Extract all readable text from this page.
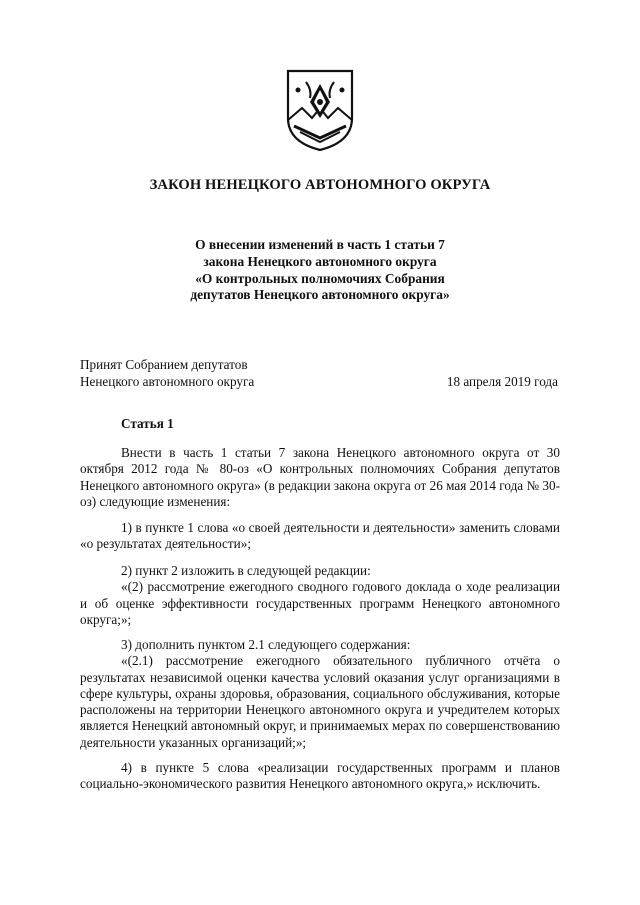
ЗАКОН НЕНЕЦКОГО АВТОНОМНОГО ОКРУГА
О внесении изменений в часть 1 статьи 7
закона Ненецкого автономного округа
«О контрольных полномочиях Собрания
депутатов Ненецкого автономного округа»
Принят Собранием депутатов
Ненецкого автономного округа	18 апреля 2019 года
Статья 1

Внести в часть 1 статьи 7 закона Ненецкого автономного округа от 30 октября 2012 года № 80-оз «О контрольных полномочиях Собрания депутатов Ненецкого автономного округа» (в редакции закона округа от 26 мая 2014 года № 30-оз) следующие изменения:

1) в пункте 1 слова «о своей деятельности и деятельности» заменить словами «о результатах деятельности»;

2) пункт 2 изложить в следующей редакции:

«(2) рассмотрение ежегодного сводного годового доклада о ходе реализации и об оценке эффективности государственных программ Ненецкого автономного округа;»;

3) дополнить пунктом 2.1 следующего содержания:

«(2.1) рассмотрение ежегодного обязательного публичного отчёта о результатах независимой оценки качества условий оказания услуг организациями в сфере культуры, охраны здоровья, образования, социального обслуживания, которые расположены на территории Ненецкого автономного округа и учредителем которых является Ненецкий автономный округ, и принимаемых мерах по совершенствованию деятельности указанных организаций;»;

4) в пункте 5 слова «реализации государственных программ и планов социально-экономического развития Ненецкого автономного округа,» исключить.
